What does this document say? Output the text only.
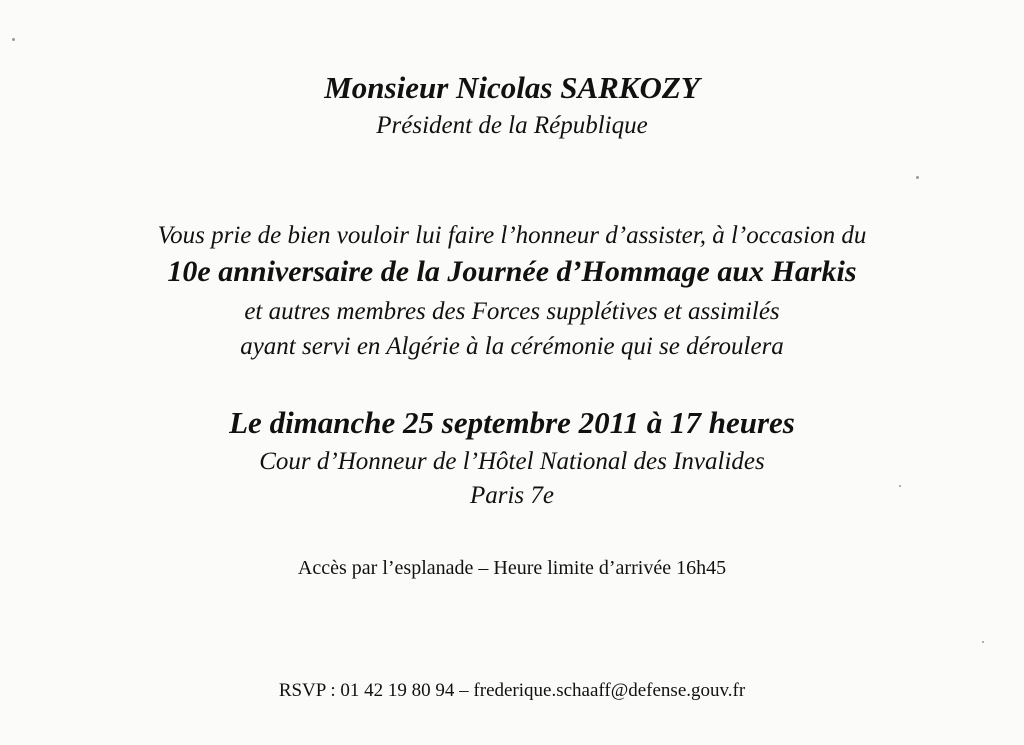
Monsieur Nicolas SARKOZY
Président de la République
Vous prie de bien vouloir lui faire l’honneur d’assister, à l’occasion du
10e anniversaire de la Journée d’Hommage aux Harkis
et autres membres des Forces supplétives et assimilés
ayant servi en Algérie à la cérémonie qui se déroulera
Le dimanche 25 septembre 2011 à 17 heures
Cour d’Honneur de l’Hôtel National des Invalides
Paris 7e
Accès par l’esplanade – Heure limite d’arrivée 16h45
RSVP : 01 42 19 80 94 – frederique.schaaff@defense.gouv.fr
